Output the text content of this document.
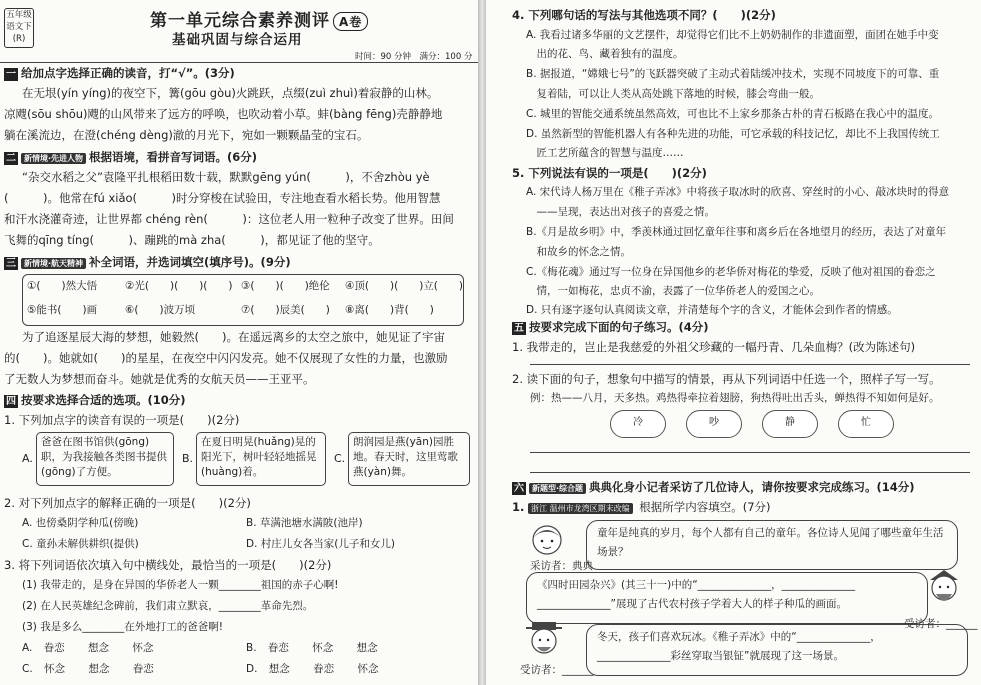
五年级
语文下
(R)
第一单元综合素养测评 A卷
基础巩固与综合运用
时间：90 分钟　满分：100 分
一 给加点字选择正确的读音，打“√”。(3分)
在无垠(yín yíng)的夜空下，篝(gōu gòu)火跳跃，点缀(zuì zhuì)着寂静的山林。
凉飕(sōu shōu)飕的山风带来了远方的呼唤，也吹动着小草。蚌(bàng fēng)壳静静地
躺在溪流边，在澄(chéng dèng)澈的月光下，宛如一颗颗晶莹的宝石。
二 新情境·先进人物 根据语境，看拼音写词语。(6分)
“杂交水稻之父”袁隆平扎根稻田数十载，默默gēng yún(　　　)，不舍zhòu yè
(　　　)。他常在fú xiǎo(　　　)时分穿梭在试验田，专注地查看水稻长势。他用智慧
和汗水浇灌奇迹，让世界都 chéng rèn(　　　)：这位老人用一粒种子改变了世界。田间
飞舞的qīng tíng(　　　)、蹦跳的mà zha(　　　)，都见证了他的坚守。
三 新情境·航天精神 补全词语，并选词填空(填序号)。(9分)
①(　　)然大悟	②光(　　)(　　)(　　) ③(　　)(　　)绝伦 ④顶(　　)(　　)立(　　)
⑤能书(　　)画	⑥(　　)波万顷	⑦(　　)辰美(　　) ⑧离(　　)背(　　)
为了追逐星辰大海的梦想，她毅然(　　)。在遥远离乡的太空之旅中，她见证了宇宙
的(　　)。她就如(　　)的星星，在夜空中闪闪发亮。她不仅展现了女性的力量，也激励
了无数人为梦想而奋斗。她就是优秀的女航天员——王亚平。
四 按要求选择合适的选项。(10分)
1. 下列加点字的读音有误的一项是(　　)(2分)
A.
爸爸在图书馆供(gōng)职，为我接触各类图书提供(gōng)了方便。
B.
在夏日明晃(huǎng)晃的阳光下，树叶轻轻地摇晃(huàng)着。
C.
朗润园是燕(yān)园胜地。春天时，这里莺歌燕(yàn)舞。
2. 对下列加点字的解释正确的一项是(　　)(2分)
A. 也傍桑阴学种瓜(傍晚)	B. 草满池塘水满陂(池岸)
C. 童孙未解供耕织(提供)	D. 村庄儿女各当家(儿子和女儿)
3. 将下列词语依次填入句中横线处，最恰当的一项是(　　)(2分)
(1) 我带走的，是身在异国的华侨老人一颗________祖国的赤子心啊!
(2) 在人民英雄纪念碑前，我们肃立默哀，________革命先烈。
(3) 我是多么________在外地打工的爸爸啊!
A. 眷恋 想念 怀念	B. 眷恋 怀念 想念
C. 怀念 想念 眷恋	D. 想念 眷恋 怀念
4. 下列哪句话的写法与其他选项不同？(　　)(2分)
A. 我看过诸多华丽的文艺摆件，却觉得它们比不上奶奶制作的非遗面塑，面团在她手中变
　出的花、鸟、藏着独有的温度。
B. 据报道，“嫦娥七号”的飞跃器突破了主动式着陆缓冲技术，实现不同坡度下的可靠、重
　复着陆，可以让人类从高处跳下落地的时候，膝会弯曲一般。
C. 城里的智能交通系统虽然高效，可也比不上家乡那条古朴的青石板路在我心中的温度。
D. 虽然新型的智能机器人有各种先进的功能，可它承载的科技记忆，却比不上我国传统工
　匠工艺所蕴含的智慧与温度……
5. 下列说法有误的一项是(　　)(2分)
A. 宋代诗人杨万里在《稚子弄冰》中将孩子取冰时的欣喜、穿丝时的小心、敲冰块时的得意
　——呈现，表达出对孩子的喜爱之情。
B.《月是故乡明》中，季羡林通过回忆童年往事和离乡后在各地望月的经历，表达了对童年
　和故乡的怀念之情。
C.《梅花魂》通过写一位身在异国他乡的老华侨对梅花的挚爱，反映了他对祖国的眷恋之
　情，一如梅花，忠贞不渝，表露了一位华侨老人的爱国之心。
D. 只有逐字逐句认真阅读文章，并清楚每个字的含义，才能体会到作者的情感。
五 按要求完成下面的句子练习。(4分)
1. 我带走的，岂止是我慈爱的外祖父珍藏的一幅丹青、几朵血梅？(改为陈述句)
2. 读下面的句子，想象句中描写的情景，再从下列词语中任选一个，照样子写一写。
例：热——八月，天多热。鸡热得牵拉着翅膀，狗热得吐出舌头，蝉热得不知如何是好。
冷	吵	静	忙
六 新题型·综合题 典典化身小记者采访了几位诗人，请你按要求完成练习。(14分)
1. 浙江 温州市龙湾区期末改编 根据所学内容填空。(7分)
采访者：典典
童年是纯真的岁月，每个人都有自己的童年。各位诗人见闻了哪些童年生活场景？
《四时田园杂兴》(其三十一)中的“______________，______________
______________”展现了古代农村孩子学着大人的样子种瓜的画面。
受访者：______
受访者：______
冬天，孩子们喜欢玩冰。《稚子弄冰》中的“______________，
______________彩丝穿取当银钲”就展现了这一场景。
